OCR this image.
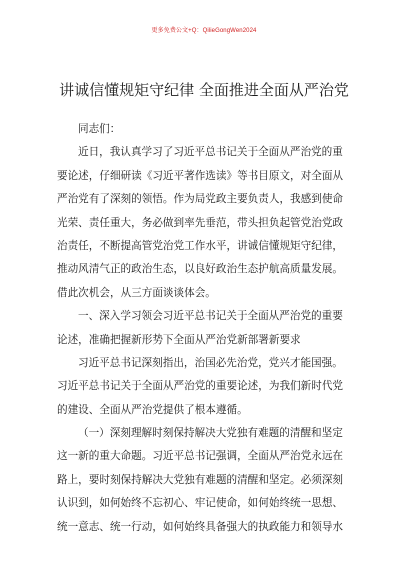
更多免费公文+Q：QilieGongWen2024
讲诚信懂规矩守纪律 全面推进全面从严治党
同志们：
近日，我认真学习了习近平总书记关于全面从严治党的重
要论述，仔细研读《习近平著作选读》等书目原文，对全面从
严治党有了深刻的领悟。作为局党政主要负责人，我感到使命
光荣、责任重大，务必做到率先垂范，带头担负起管党治党政
治责任，不断提高管党治党工作水平，讲诚信懂规矩守纪律，
推动风清气正的政治生态，以良好政治生态护航高质量发展。
借此次机会，从三方面谈谈体会。
一、深入学习领会习近平总书记关于全面从严治党的重要
论述，准确把握新形势下全面从严治党新部署新要求
习近平总书记深刻指出，治国必先治党，党兴才能国强。
习近平总书记关于全面从严治党的重要论述，为我们新时代党
的建设、全面从严治党提供了根本遵循。
（一）深刻理解时刻保持解决大党独有难题的清醒和坚定
这一新的重大命题。习近平总书记强调，全面从严治党永远在
路上，要时刻保持解决大党独有难题的清醒和坚定。必须深刻
认识到，如何始终不忘初心、牢记使命，如何始终统一思想、
统一意志、统一行动，如何始终具备强大的执政能力和领导水
